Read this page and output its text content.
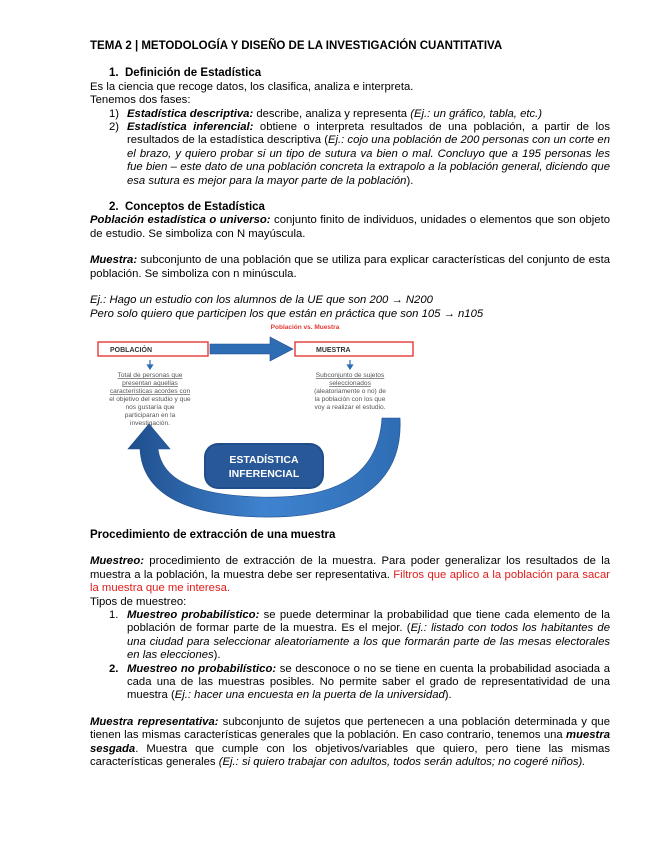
TEMA 2 | METODOLOGÍA Y DISEÑO DE LA INVESTIGACIÓN CUANTITATIVA

1. Definición de Estadística

Es la ciencia que recoge datos, los clasifica, analiza e interpreta.

Tenemos dos fases:

1) Estadística descriptiva: describe, analiza y representa (Ej.: un gráfico, tabla, etc.)
2) Estadística inferencial: obtiene o interpreta resultados de una población, a partir de los resultados de la estadística descriptiva (Ej.: cojo una población de 200 personas con un corte en el brazo, y quiero probar si un tipo de sutura va bien o mal. Concluyo que a 195 personas les fue bien – este dato de una población concreta la extrapolo a la población general, diciendo que esa sutura es mejor para la mayor parte de la población).
2. Conceptos de Estadística

Población estadística o universo: conjunto finito de individuos, unidades o elementos que son objeto de estudio. Se simboliza con N mayúscula.

Muestra: subconjunto de una población que se utiliza para explicar características del conjunto de esta población. Se simboliza con n minúscula.

Ej.: Hago un estudio con los alumnos de la UE que son 200 → N200

Pero solo quiero que participen los que están en práctica que son 105 → n105

Población vs. Muestra
POBLACIÓN	MUESTRA
Total de personas que
presentan aquellas
características acordes con
el objetivo del estudio y que
nos gustaría que
participaran en la
investigación.
Subconjunto de sujetos
seleccionados
(aleatoriamente o no) de
la población con los que
voy a realizar el estudio.
ESTADÍSTICA
INFERENCIAL

Procedimiento de extracción de una muestra

Muestreo: procedimiento de extracción de la muestra. Para poder generalizar los resultados de la muestra a la población, la muestra debe ser representativa. Filtros que aplico a la población para sacar la muestra que me interesa.

Tipos de muestreo:

1. Muestreo probabilístico: se puede determinar la probabilidad que tiene cada elemento de la población de formar parte de la muestra. Es el mejor. (Ej.: listado con todos los habitantes de una ciudad para seleccionar aleatoriamente a los que formarán parte de las mesas electorales en las elecciones).
2. Muestreo no probabilístico: se desconoce o no se tiene en cuenta la probabilidad asociada a cada una de las muestras posibles. No permite saber el grado de representatividad de una muestra (Ej.: hacer una encuesta en la puerta de la universidad).

Muestra representativa: subconjunto de sujetos que pertenecen a una población determinada y que tienen las mismas características generales que la población. En caso contrario, tenemos una muestra sesgada. Muestra que cumple con los objetivos/variables que quiero, pero tiene las mismas características generales (Ej.: si quiero trabajar con adultos, todos serán adultos; no cogeré niños).
